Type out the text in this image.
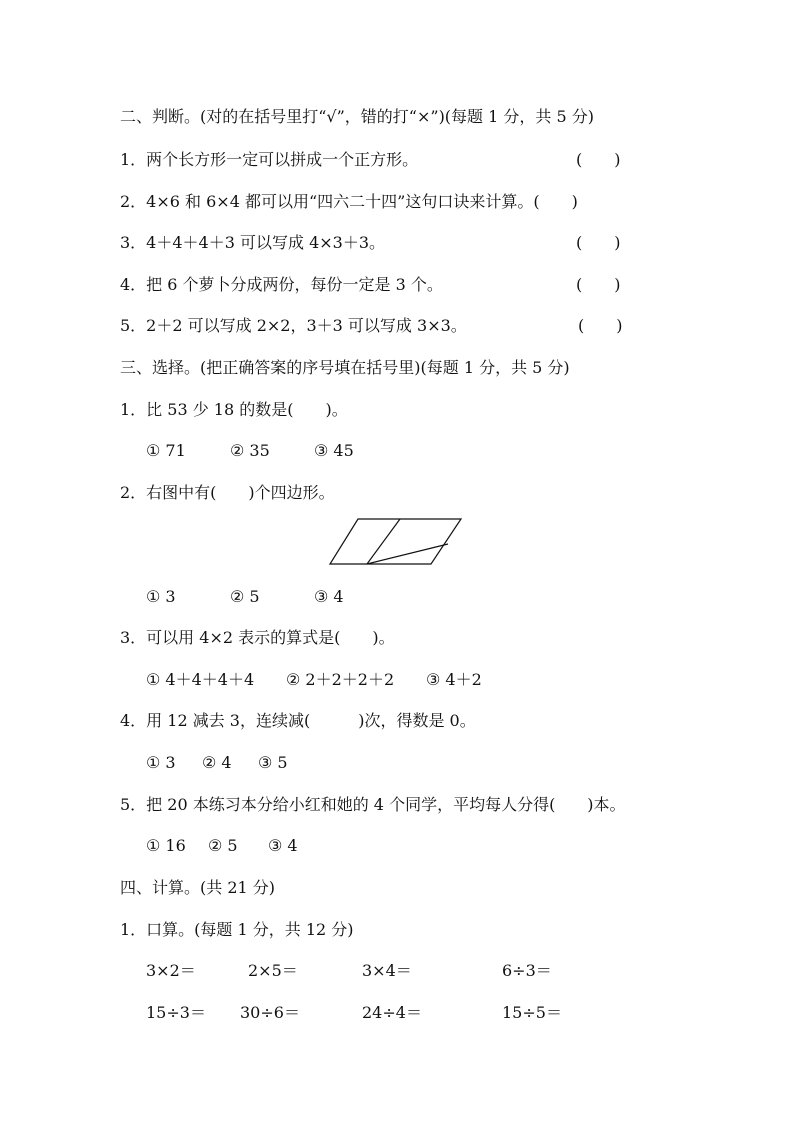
二、判断。(对的在括号里打“√”，错的打“×”)(每题 1 分，共 5 分)
1．两个长方形一定可以拼成一个正方形。	(　　)
2．4×6 和 6×4 都可以用“四六二十四”这句口诀来计算。(　　)
3．4＋4＋4＋3 可以写成 4×3＋3。	(　　)
4．把 6 个萝卜分成两份，每份一定是 3 个。	(　　)
5．2＋2 可以写成 2×2，3＋3 可以写成 3×3。	(　　)
三、选择。(把正确答案的序号填在括号里)(每题 1 分，共 5 分)
1．比 53 少 18 的数是(　　)。
① 71	② 35	③ 45
2．右图中有(　　)个四边形。
① 3	② 5	③ 4
3．可以用 4×2 表示的算式是(　　)。
① 4＋4＋4＋4 ② 2＋2＋2＋2 ③ 4＋2
4．用 12 减去 3，连续减(　　　)次，得数是 0。
① 3 ② 4 ③ 5
5．把 20 本练习本分给小红和她的 4 个同学，平均每人分得(　　)本。
① 16 ② 5 ③ 4
四、计算。(共 21 分)
1．口算。(每题 1 分，共 12 分)
3×2＝	2×5＝	3×4＝	6÷3＝
15÷3＝ 30÷6＝	24÷4＝	15÷5＝
